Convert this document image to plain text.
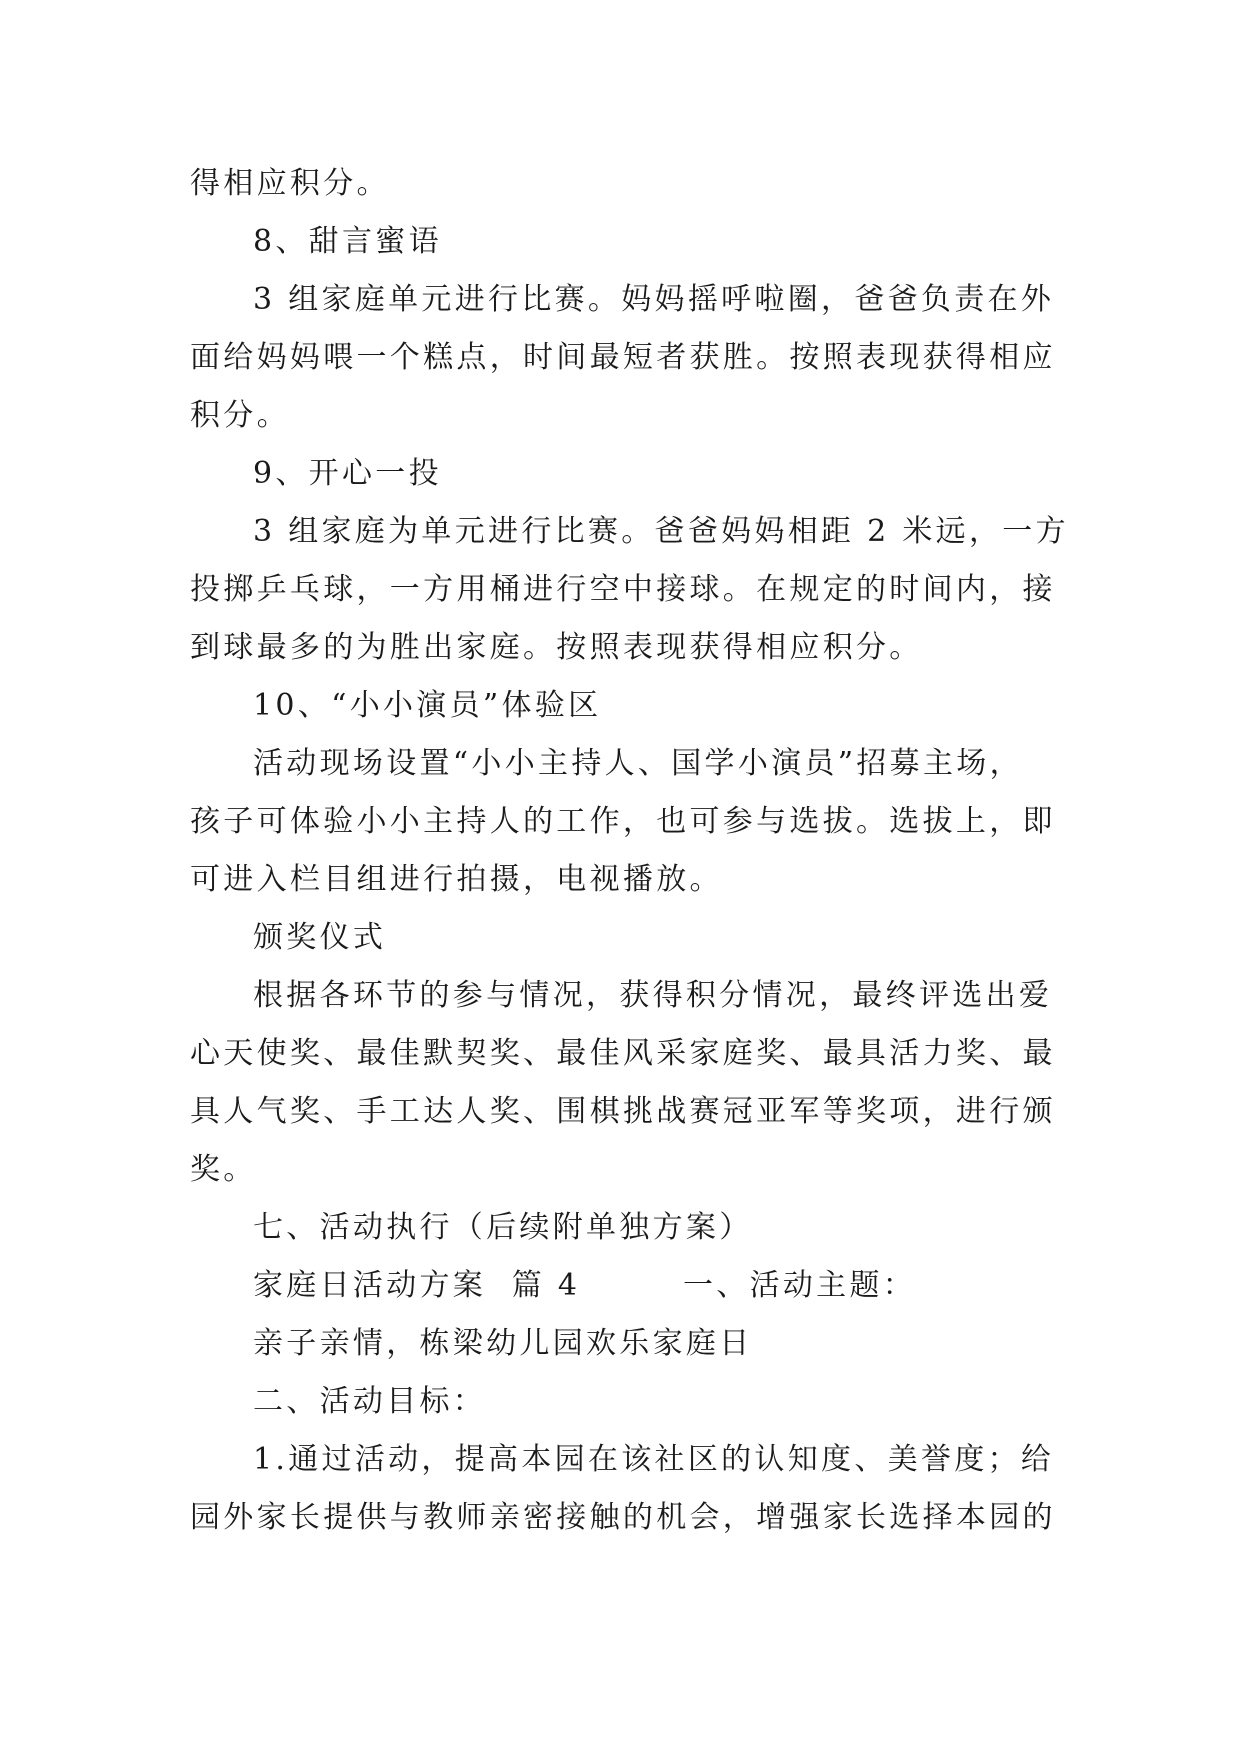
得相应积分。
8、甜言蜜语
3 组家庭单元进行比赛。妈妈摇呼啦圈，爸爸负责在外
面给妈妈喂一个糕点，时间最短者获胜。按照表现获得相应
积分。
9、开心一投
3 组家庭为单元进行比赛。爸爸妈妈相距 2 米远，一方
投掷乒乓球，一方用桶进行空中接球。在规定的时间内，接
到球最多的为胜出家庭。按照表现获得相应积分。
10、“小小演员”体验区
活动现场设置“小小主持人、国学小演员”招募主场，
孩子可体验小小主持人的工作，也可参与选拔。选拔上，即
可进入栏目组进行拍摄，电视播放。
颁奖仪式
根据各环节的参与情况，获得积分情况，最终评选出爱
心天使奖、最佳默契奖、最佳风采家庭奖、最具活力奖、最
具人气奖、手工达人奖、围棋挑战赛冠亚军等奖项，进行颁
奖。
七、活动执行（后续附单独方案）
家庭日活动方案  篇 4        一、活动主题：
亲子亲情，栋梁幼儿园欢乐家庭日
二、活动目标：
1.通过活动，提高本园在该社区的认知度、美誉度；给
园外家长提供与教师亲密接触的机会，增强家长选择本园的
